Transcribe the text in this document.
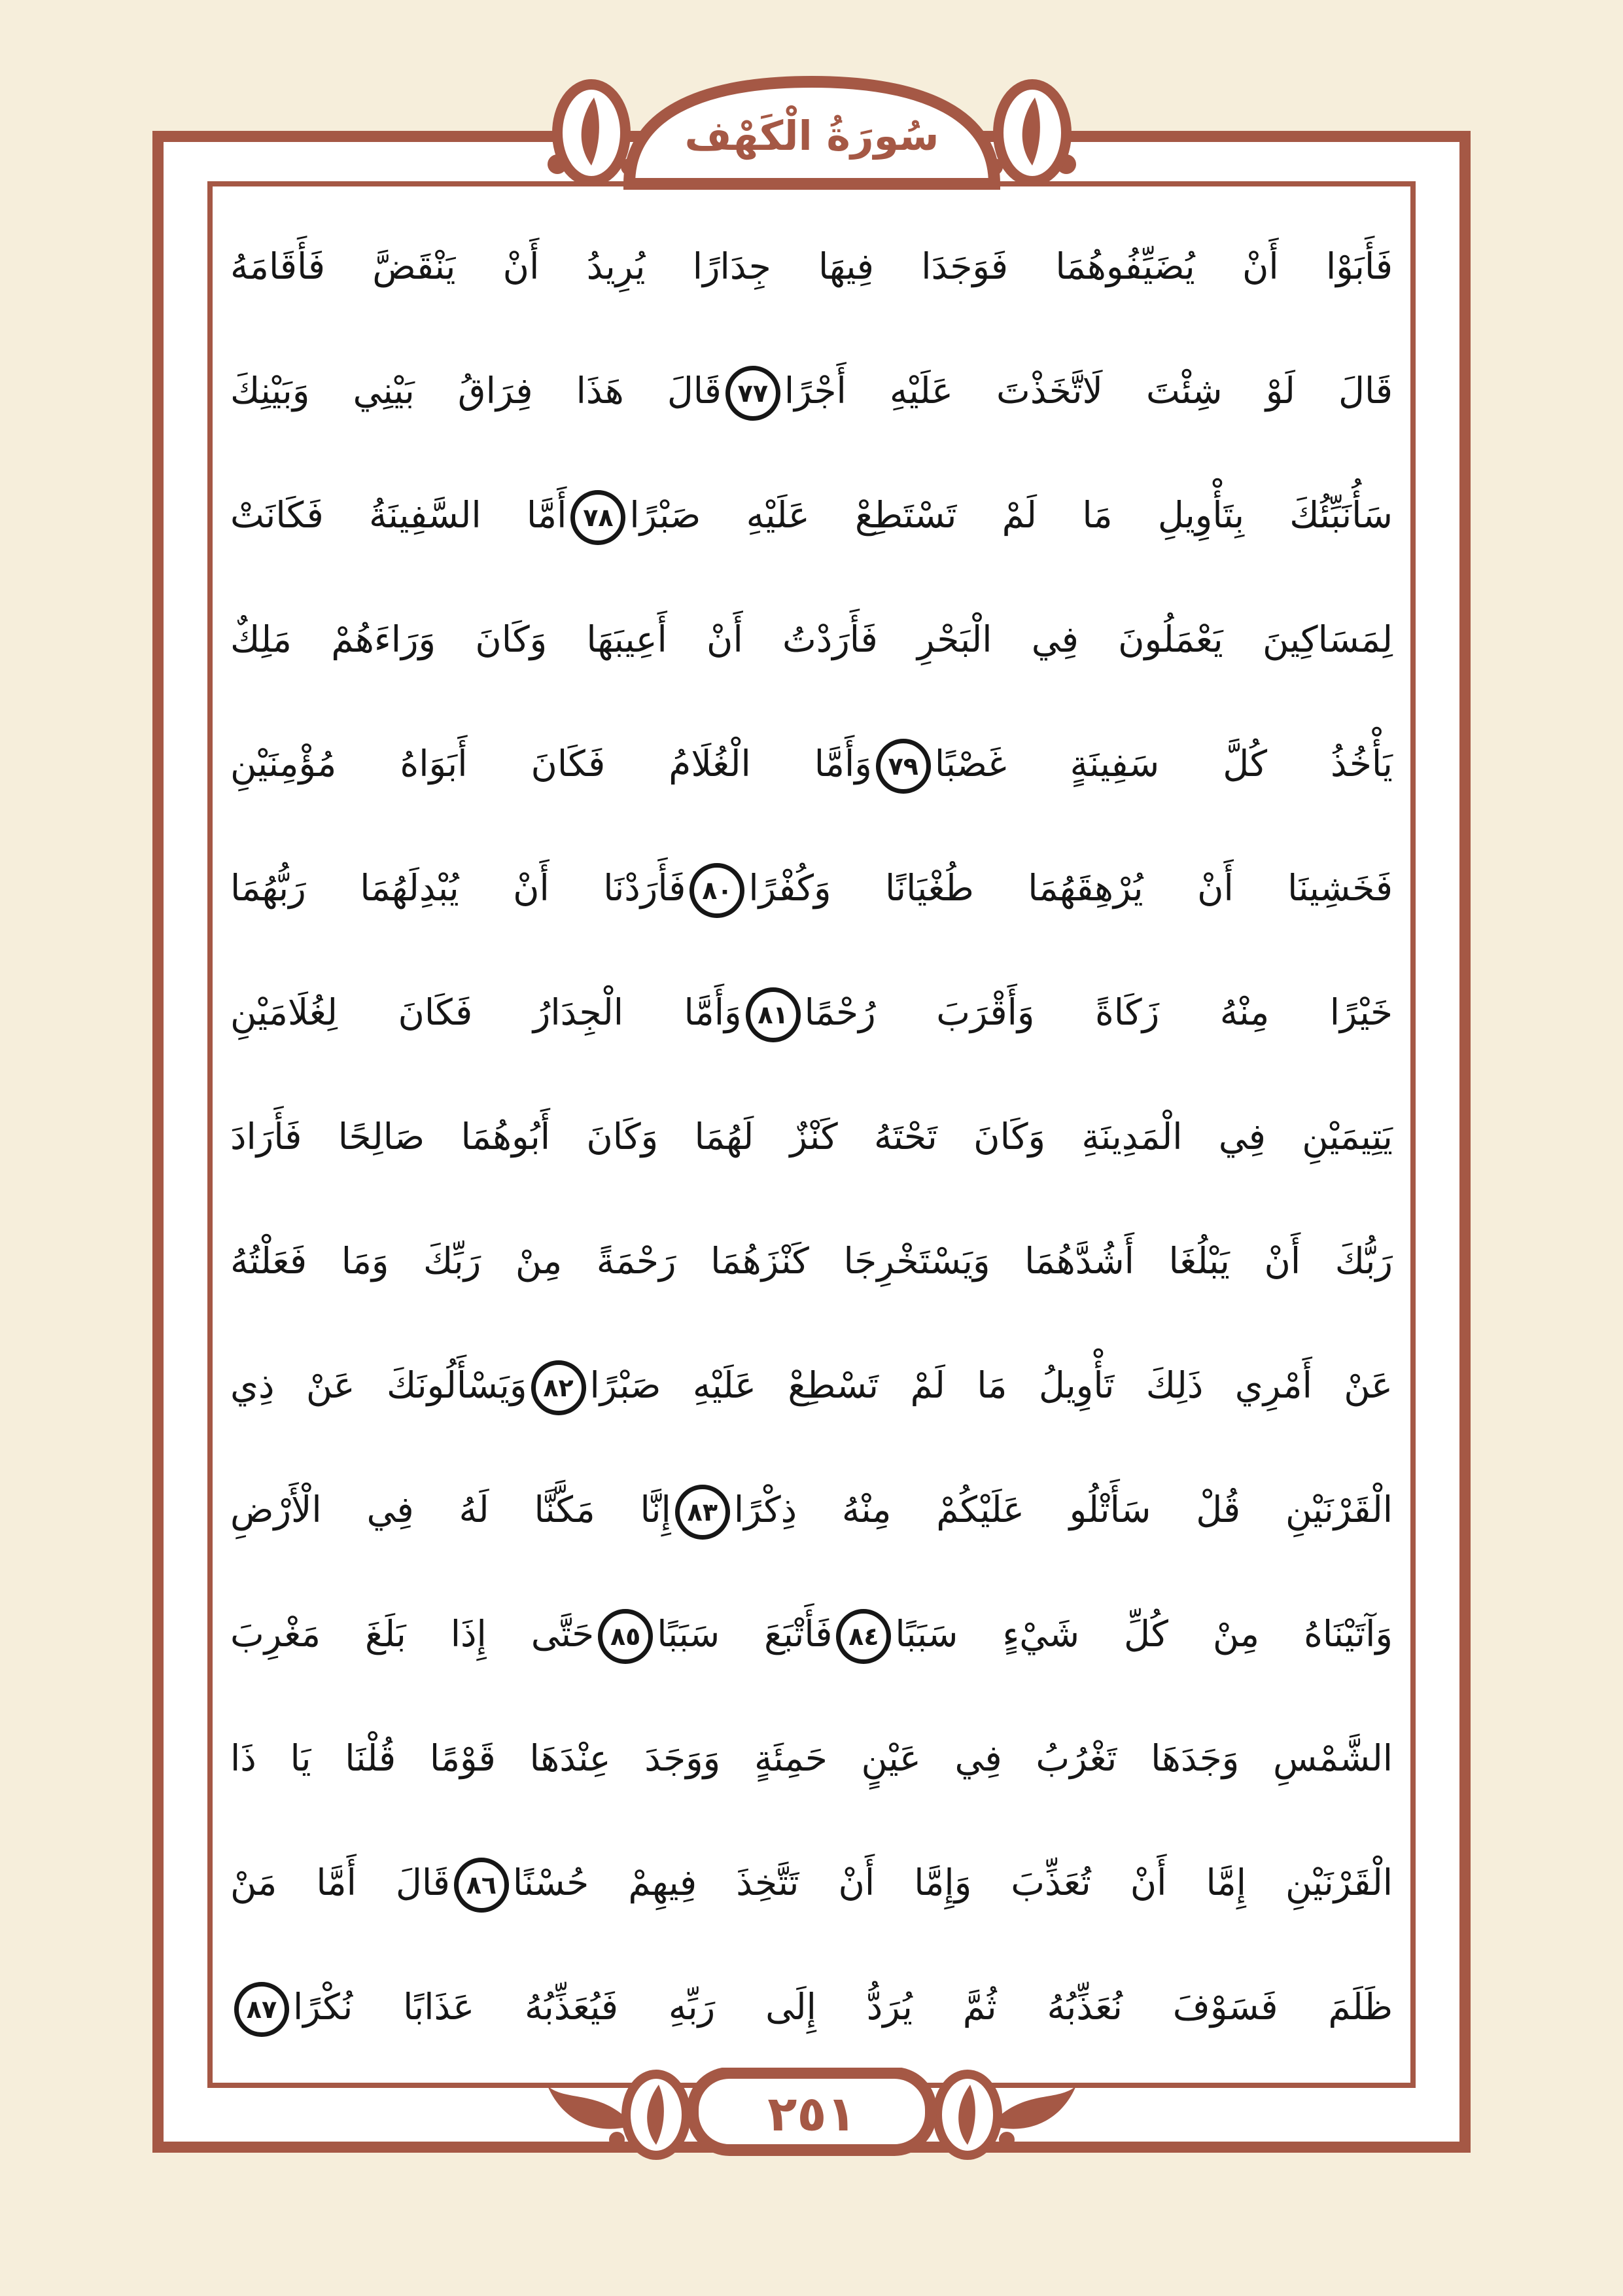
سُورَةُ الْكَهْف
فَأَبَوْا أَنْ يُضَيِّفُوهُمَا فَوَجَدَا فِيهَا جِدَارًا يُرِيدُ أَنْ يَنْقَضَّ فَأَقَامَهُ
قَالَ لَوْ شِئْتَ لَاتَّخَذْتَ عَلَيْهِ أَجْرًا٧٧قَالَ هَذَا فِرَاقُ بَيْنِي وَبَيْنِكَ
سَأُنَبِّئُكَ بِتَأْوِيلِ مَا لَمْ تَسْتَطِعْ عَلَيْهِ صَبْرًا٧٨أَمَّا السَّفِينَةُ فَكَانَتْ
لِمَسَاكِينَ يَعْمَلُونَ فِي الْبَحْرِ فَأَرَدْتُ أَنْ أَعِيبَهَا وَكَانَ وَرَاءَهُمْ مَلِكٌ
يَأْخُذُ كُلَّ سَفِينَةٍ غَصْبًا٧٩وَأَمَّا الْغُلَامُ فَكَانَ أَبَوَاهُ مُؤْمِنَيْنِ
فَخَشِينَا أَنْ يُرْهِقَهُمَا طُغْيَانًا وَكُفْرًا٨٠فَأَرَدْنَا أَنْ يُبْدِلَهُمَا رَبُّهُمَا
خَيْرًا مِنْهُ زَكَاةً وَأَقْرَبَ رُحْمًا٨١وَأَمَّا الْجِدَارُ فَكَانَ لِغُلَامَيْنِ
يَتِيمَيْنِ فِي الْمَدِينَةِ وَكَانَ تَحْتَهُ كَنْزٌ لَهُمَا وَكَانَ أَبُوهُمَا صَالِحًا فَأَرَادَ
رَبُّكَ أَنْ يَبْلُغَا أَشُدَّهُمَا وَيَسْتَخْرِجَا كَنْزَهُمَا رَحْمَةً مِنْ رَبِّكَ وَمَا فَعَلْتُهُ
عَنْ أَمْرِي ذَلِكَ تَأْوِيلُ مَا لَمْ تَسْطِعْ عَلَيْهِ صَبْرًا٨٢وَيَسْأَلُونَكَ عَنْ ذِي
الْقَرْنَيْنِ قُلْ سَأَتْلُو عَلَيْكُمْ مِنْهُ ذِكْرًا٨٣إِنَّا مَكَّنَّا لَهُ فِي الْأَرْضِ
وَآتَيْنَاهُ مِنْ كُلِّ شَيْءٍ سَبَبًا٨٤فَأَتْبَعَ سَبَبًا٨٥حَتَّى إِذَا بَلَغَ مَغْرِبَ
الشَّمْسِ وَجَدَهَا تَغْرُبُ فِي عَيْنٍ حَمِئَةٍ وَوَجَدَ عِنْدَهَا قَوْمًا قُلْنَا يَا ذَا
الْقَرْنَيْنِ إِمَّا أَنْ تُعَذِّبَ وَإِمَّا أَنْ تَتَّخِذَ فِيهِمْ حُسْنًا٨٦قَالَ أَمَّا مَنْ
ظَلَمَ فَسَوْفَ نُعَذِّبُهُ ثُمَّ يُرَدُّ إِلَى رَبِّهِ فَيُعَذِّبُهُ عَذَابًا نُكْرًا٨٧
٢٥١
